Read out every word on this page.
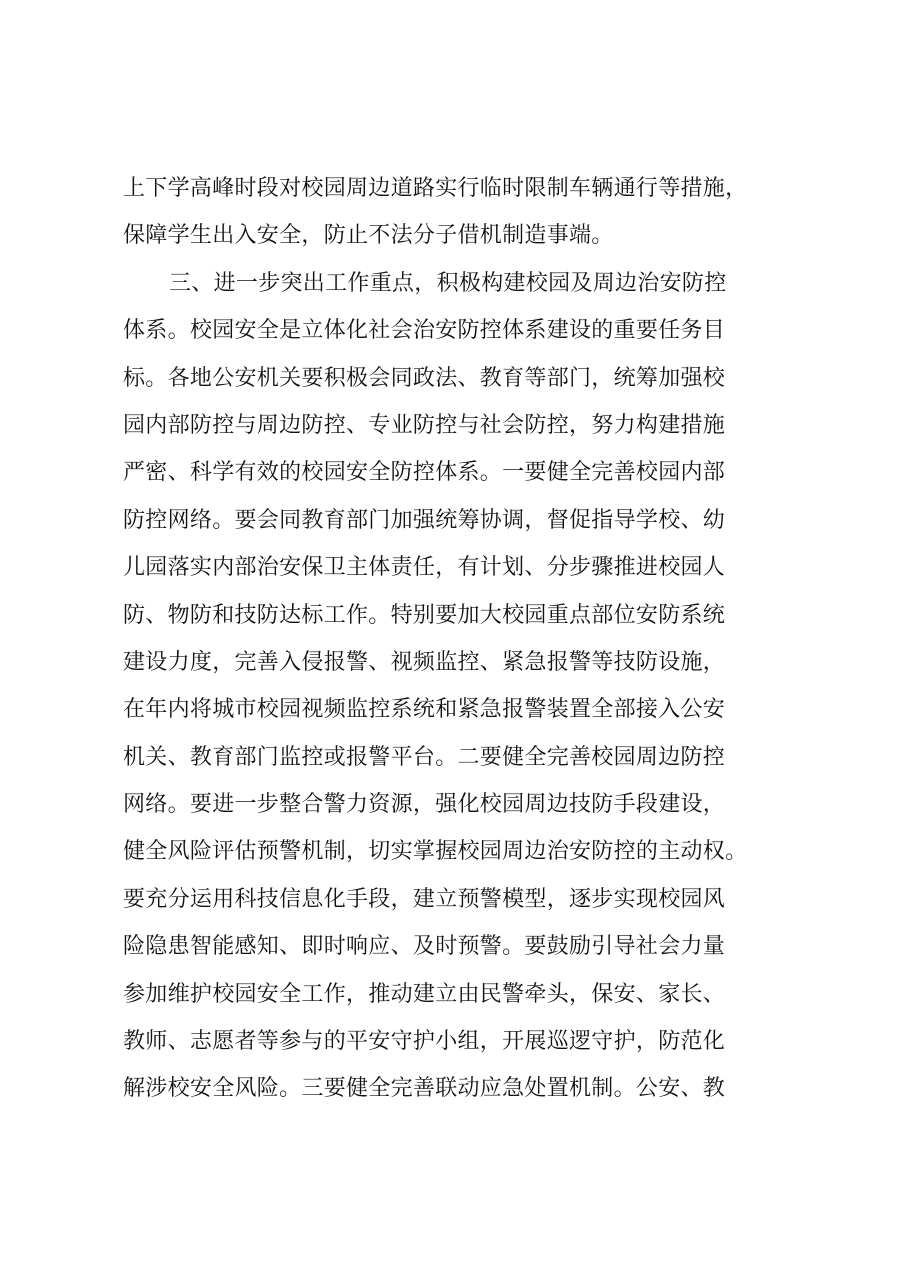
上下学高峰时段对校园周边道路实行临时限制车辆通行等措施，
保障学生出入安全，防止不法分子借机制造事端。
三、进一步突出工作重点，积极构建校园及周边治安防控
体系。校园安全是立体化社会治安防控体系建设的重要任务目
标。各地公安机关要积极会同政法、教育等部门，统筹加强校
园内部防控与周边防控、专业防控与社会防控，努力构建措施
严密、科学有效的校园安全防控体系。一要健全完善校园内部
防控网络。要会同教育部门加强统筹协调，督促指导学校、幼
儿园落实内部治安保卫主体责任，有计划、分步骤推进校园人
防、物防和技防达标工作。特别要加大校园重点部位安防系统
建设力度，完善入侵报警、视频监控、紧急报警等技防设施，
在年内将城市校园视频监控系统和紧急报警装置全部接入公安
机关、教育部门监控或报警平台。二要健全完善校园周边防控
网络。要进一步整合警力资源，强化校园周边技防手段建设，
健全风险评估预警机制，切实掌握校园周边治安防控的主动权。
要充分运用科技信息化手段，建立预警模型，逐步实现校园风
险隐患智能感知、即时响应、及时预警。要鼓励引导社会力量
参加维护校园安全工作，推动建立由民警牵头，保安、家长、
教师、志愿者等参与的平安守护小组，开展巡逻守护，防范化
解涉校安全风险。三要健全完善联动应急处置机制。公安、教
